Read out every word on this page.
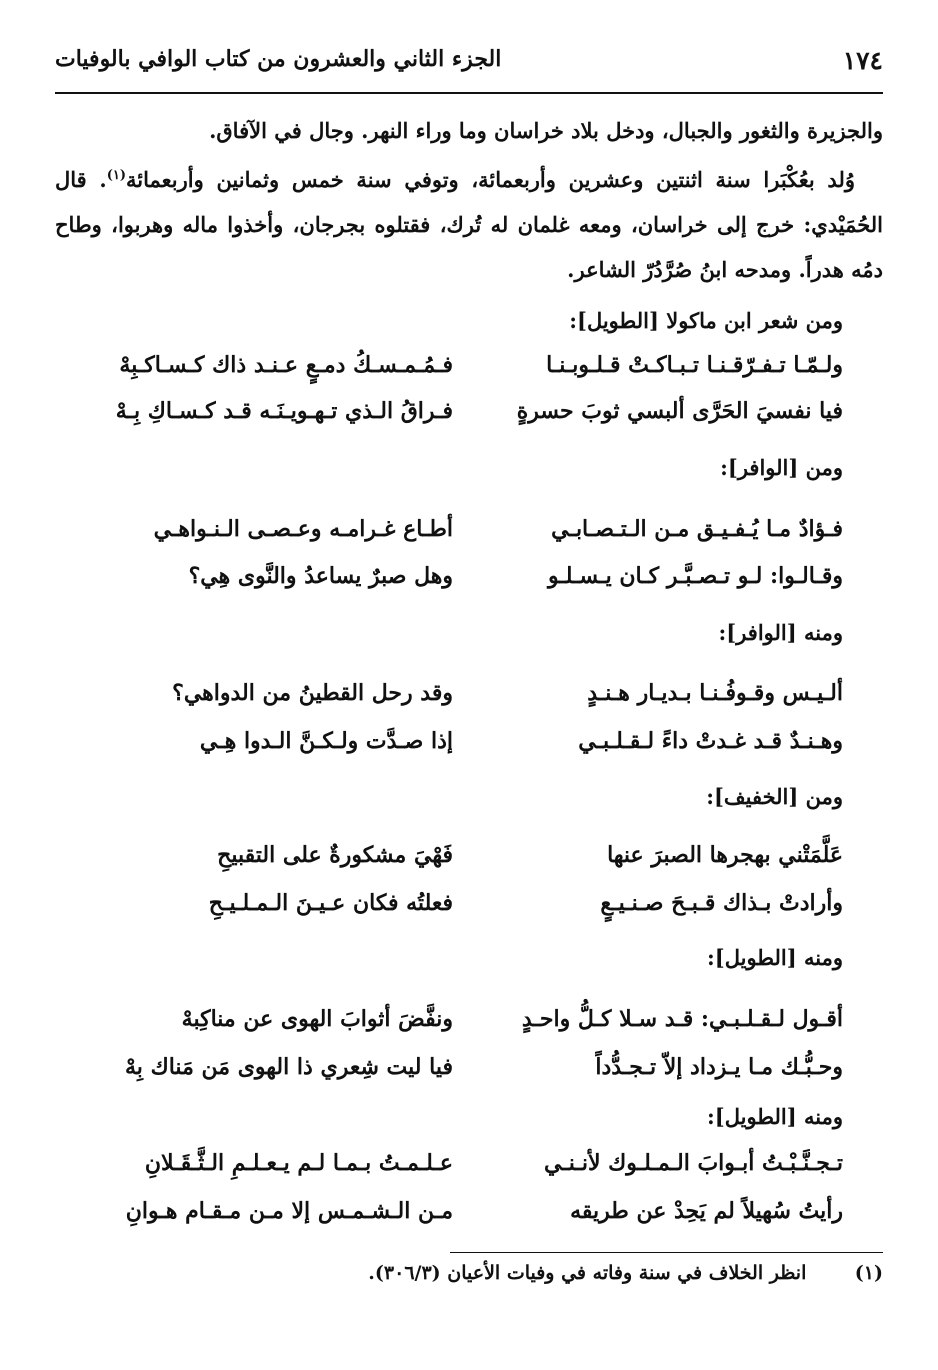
١٧٤
الجزء الثاني والعشرون من كتاب الوافي بالوفيات

والجزيرة والثغور والجبال، ودخل بلاد خراسان وما وراء النهر. وجال في الآفاق.

وُلد بعُكْبَرا سنة اثنتين وعشرين وأربعمائة، وتوفي سنة خمس وثمانين وأربعمائة$^{(١)}$. قال الحُمَيْدي: خرج إلى خراسان، ومعه غلمان له تُرك، فقتلوه بجرجان، وأخذوا ماله وهربوا، وطاح دمُه هدراً. ومدحه ابنُ صُرَّدُرّ الشاعر.

ومن شعر ابن ماكولا [الطويل]:
ولـمّـا تـفـرّقـنـا تـبـاكـتْ قـلـوبـنـا
فـمُـمـسـكُ دمـعٍ عـنـد ذاك كـسـاكـبِهْ
فيا نفسيَ الحَرَّى ألبسي ثوبَ حسرةٍ
فـراقُ الـذي تـهـويـنَـه قـد كـسـاكِ بِـهْ
ومن [الوافر]:
فـؤادٌ مـا يُـفـيـق مـن الـتـصـابـي
أطـاع غـرامـه وعـصـى الـنـواهـي
وقـالـوا: لـو تـصـبَّـر كـان يـسـلـو
وهل صبرٌ يساعدُ والنَّوى هِي؟
ومنه [الوافر]:
ألـيـس وقـوفُـنـا بـديـار هـنـدٍ
وقد رحل القطينُ من الدواهي؟
وهـنـدٌ قـد غـدتْ داءً لـقـلـبـي
إذا صـدَّت ولـكـنَّ الـدوا هِـي
ومن [الخفيف]:
عَلَّمَتْني بهجرها الصبرَ عنها
فَهْيَ مشكورةٌ على التقبيحِ
وأرادتْ بـذاك قـبـحَ صـنـيـعٍ
فعلتُه فكان عـيـنَ الـمـلـيـحِ
ومنه [الطويل]:
أقـول لـقـلـبـي: قـد سـلا كـلُّ واحـدٍ
ونفَّضَ أثوابَ الهوى عن مناكِبهْ
وحـبُّـك مـا يـزداد إلاّ تـجـدُّداً
فيا ليت شِعري ذا الهوى مَن مَناك بِهْ
ومنه [الطويل]:
تـجـنَّـبْـتُ أبـوابَ الـمـلـوك لأنـنـي
عـلـمـتُ بـمـا لـم يـعـلـمِ الـثَّـقَـلانِ
رأيتُ سُهيلاً لم يَحِدْ عن طريقه
مـن الـشـمـس إلا مـن مـقـام هـوانِ
(١) انظر الخلاف في سنة وفاته في وفيات الأعيان (٣٠٦/٣).
